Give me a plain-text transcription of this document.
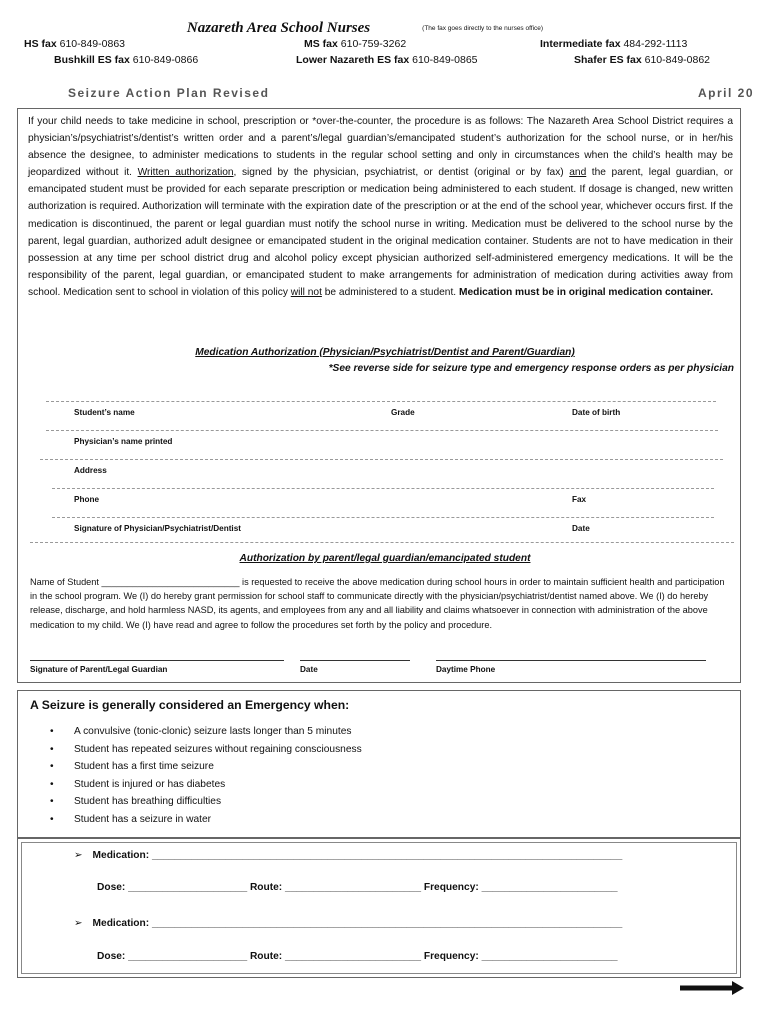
Nazareth Area School Nurses	(The fax goes directly to the nurses office)
HS fax 610-849-0863	MS fax 610-759-3262	Intermediate fax 484-292-1113
Bushkill ES fax 610-849-0866	Lower Nazareth ES fax 610-849-0865	Shafer ES fax 610-849-0862
Seizure Action Plan Revised	April 20
If your child needs to take medicine in school, prescription or *over-the-counter, the procedure is as follows: The Nazareth Area School District requires a physician’s/psychiatrist’s/dentist’s written order and a parent’s/legal guardian’s/emancipated student’s authorization for the school nurse, or in her/his absence the designee, to administer medications to students in the regular school setting and only in circumstances when the child’s health may be jeopardized without it. Written authorization, signed by the physician, psychiatrist, or dentist (original or by fax) and the parent, legal guardian, or emancipated student must be provided for each separate prescription or medication being administered to each student. If dosage is changed, new written authorization is required. Authorization will terminate with the expiration date of the prescription or at the end of the school year, whichever occurs first. If the medication is discontinued, the parent or legal guardian must notify the school nurse in writing. Medication must be delivered to the school nurse by the parent, legal guardian, authorized adult designee or emancipated student in the original medication container. Students are not to have medication in their possession at any time per school district drug and alcohol policy except physician authorized self-administered emergency medications. It will be the responsibility of the parent, legal guardian, or emancipated student to make arrangements for administration of medication during activities away from school. Medication sent to school in violation of this policy will not be administered to a student. Medication must be in original medication container.
Medication Authorization (Physician/Psychiatrist/Dentist and Parent/Guardian)
*See reverse side for seizure type and emergency response orders as per physician
Student’s name	Grade	Date of birth
Physician’s name printed
Address
Phone	Fax
Signature of Physician/Psychiatrist/Dentist	Date
Authorization by parent/legal guardian/emancipated student
Name of Student ___________________________ is requested to receive the above medication during school hours in order to maintain sufficient health and participation in the school program. We (I) do hereby grant permission for school staff to communicate directly with the physician/psychiatrist/dentist named above. We (I) do hereby release, discharge, and hold harmless NASD, its agents, and employees from any and all liability and claims whatsoever in connection with administration of the above medication to my child. We (I) have read and agree to follow the procedures set forth by the policy and procedure.
Signature of Parent/Legal Guardian	Date	Daytime Phone
A Seizure is generally considered an Emergency when:
• A convulsive (tonic-clonic) seizure lasts longer than 5 minutes
• Student has repeated seizures without regaining consciousness
• Student has a first time seizure
• Student is injured or has diabetes
• Student has breathing difficulties
• Student has a seizure in water
➢ Medication: ___________________________________________________________________________________
Dose: _____________________ Route: ________________________ Frequency: ________________________
➢ Medication: ___________________________________________________________________________________
Dose: _____________________ Route: ________________________ Frequency: ________________________
